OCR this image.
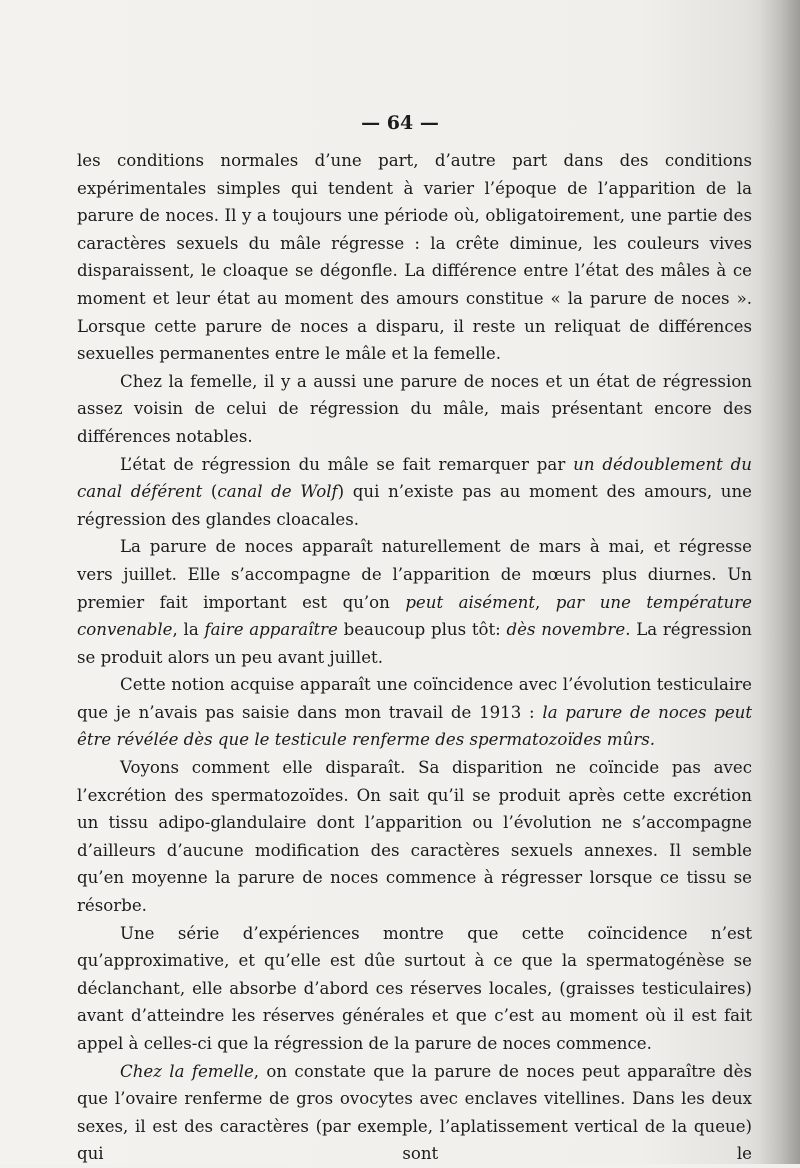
— 64 —

les conditions normales d’une part, d’autre part dans des conditions expérimentales simples qui tendent à varier l’époque de l’apparition de la parure de noces. Il y a toujours une période où, obligatoirement, une partie des caractères sexuels du mâle régresse : la crête diminue, les couleurs vives disparaissent, le cloaque se dégonfle. La différence entre l’état des mâles à ce moment et leur état au moment des amours constitue « la parure de noces ». Lorsque cette parure de noces a disparu, il reste un reliquat de différences sexuelles permanentes entre le mâle et la femelle.

Chez la femelle, il y a aussi une parure de noces et un état de régression assez voisin de celui de régression du mâle, mais présentant encore des différences notables.

L’état de régression du mâle se fait remarquer par un dédoublement du canal déférent (canal de Wolf) qui n’existe pas au moment des amours, une régression des glandes cloacales.

La parure de noces apparaît naturellement de mars à mai, et régresse vers juillet. Elle s’accompagne de l’apparition de mœurs plus diurnes. Un premier fait important est qu’on peut aisément, par une température convenable, la faire apparaître beaucoup plus tôt: dès novembre. La régression se produit alors un peu avant juillet.

Cette notion acquise apparaît une coïncidence avec l’évolution testiculaire que je n’avais pas saisie dans mon travail de 1913 : la parure de noces peut être révélée dès que le testicule renferme des spermatozoïdes mûrs.

Voyons comment elle disparaît. Sa disparition ne coïncide pas avec l’excrétion des spermatozoïdes. On sait qu’il se produit après cette excrétion un tissu adipo-glandulaire dont l’apparition ou l’évolution ne s’accompagne d’ailleurs d’aucune modification des caractères sexuels annexes. Il semble qu’en moyenne la parure de noces commence à régresser lorsque ce tissu se résorbe.

Une série d’expériences montre que cette coïncidence n’est qu’approximative, et qu’elle est dûe surtout à ce que la spermatogénèse se déclanchant, elle absorbe d’abord ces réserves locales, (graisses testiculaires) avant d’atteindre les réserves générales et que c’est au moment où il est fait appel à celles-ci que la régression de la parure de noces commence.

Chez la femelle, on constate que la parure de noces peut apparaître dès que l’ovaire renferme de gros ovocytes avec enclaves vitellines. Dans les deux sexes, il est des caractères (par exemple, l’aplatissement vertical de la queue) qui sont le
